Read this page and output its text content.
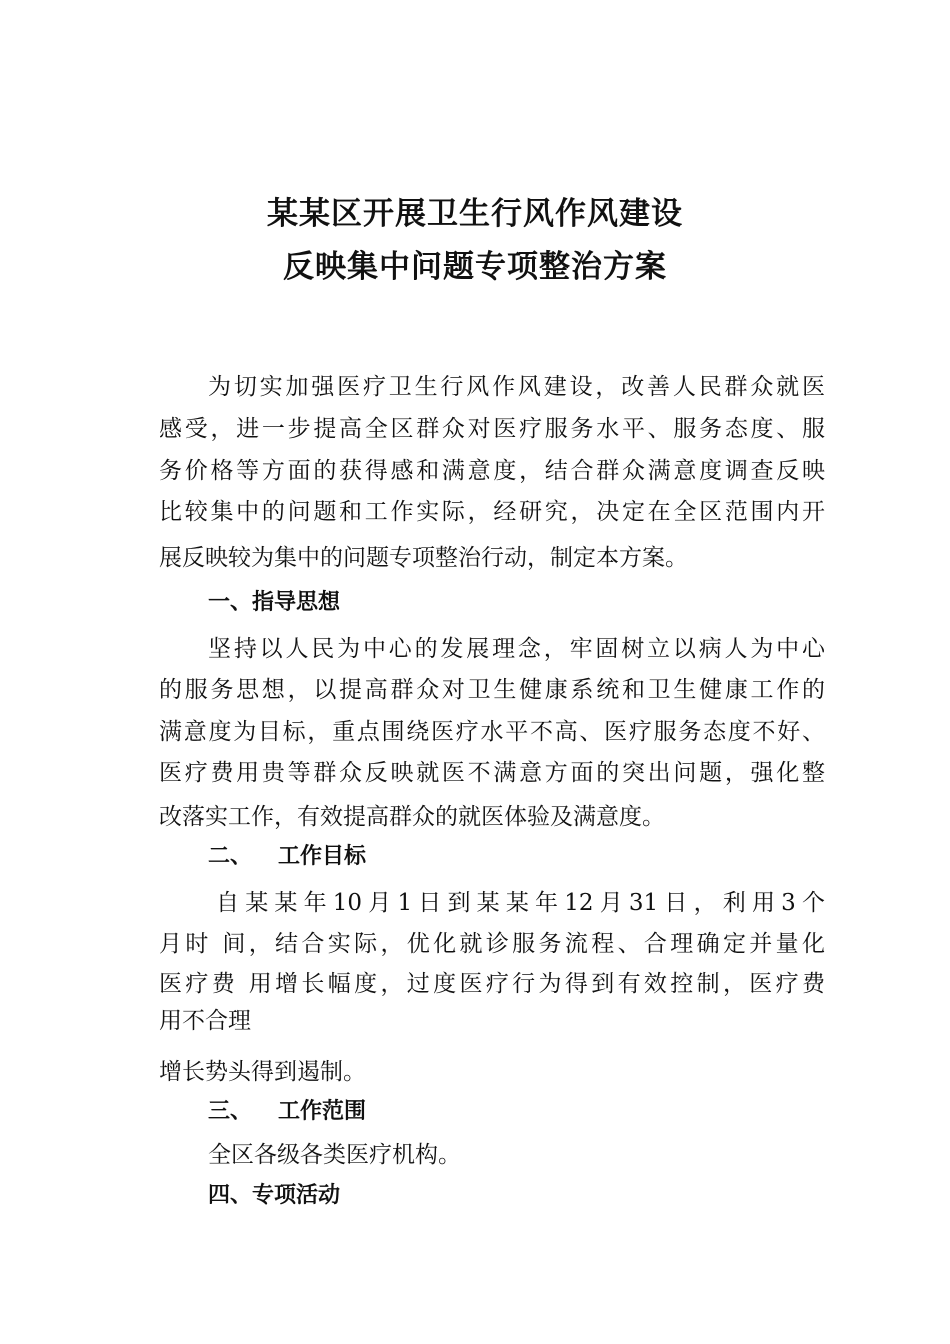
某某区开展卫生行风作风建设
反映集中问题专项整治方案
为切实加强医疗卫生行风作风建设，改善人民群众就医
感受，进一步提高全区群众对医疗服务水平、服务态度、服
务价格等方面的获得感和满意度，结合群众满意度调查反映
比较集中的问题和工作实际，经研究，决定在全区范围内开
展反映较为集中的问题专项整治行动，制定本方案。
一、指导思想
坚持以人民为中心的发展理念，牢固树立以病人为中心
的服务思想，以提高群众对卫生健康系统和卫生健康工作的
满意度为目标，重点围绕医疗水平不高、医疗服务态度不好、
医疗费用贵等群众反映就医不满意方面的突出问题，强化整
改落实工作，有效提高群众的就医体验及满意度。
二、 工作目标
自某某年10月1日到某某年12月31日，利用3个
月时 间，结合实际，优化就诊服务流程、合理确定并量化
医疗费 用增长幅度，过度医疗行为得到有效控制，医疗费
用不合理
增长势头得到遏制。
三、 工作范围
全区各级各类医疗机构。
四、专项活动
